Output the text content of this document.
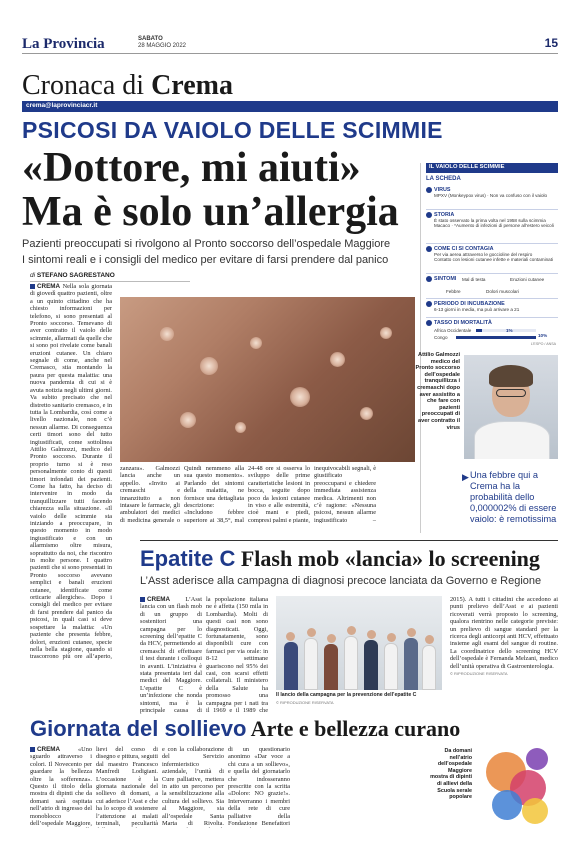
La Provincia	SABATO
28 MAGGIO 2022	15
Cronaca di Crema
crema@laprovinciacr.it
PSICOSI DA VAIOLO DELLE SCIMMIE
«Dottore, mi aiuti»
Ma è solo un’allergia
Pazienti preoccupati si rivolgono al Pronto soccorso dell’ospedale Maggiore
I sintomi reali e i consigli del medico per evitare di farsi prendere dal panico
di STEFANO SAGRESTANO
CREMA Nella sola giornata di giovedì quattro pazienti, oltre a un quinto cittadino che ha chiesto informazioni per telefono, si sono presentati al Pronto soccorso. Temevano di aver contratto il vaiolo delle scimmie, allarmati da quelle che si sono poi rivelate come banali eruzioni cutanee. Un chiaro segnale di come, anche nel Cremasco, stia montando la paura per questa malattia: una nuova pandemia di cui si è avuta notizia negli ultimi giorni. Va subito precisato che nel distretto sanitario cremasco, e in tutta la Lombardia, così come a livello nazionale, non c’è nessun allarme. Di conseguenza certi timori sono del tutto ingiustificati, come sottolinea Attilio Galmozzi, medico del Pronto soccorso. Durante il proprio turno si è reso personalmente conto di questi timori infondati dei pazienti. Come ha fatto, ha deciso di intervenire in modo da tranquillizzare tutti facendo chiarezza sulla situazione. «Il vaiolo delle scimmie sta iniziando a preoccupare, in questo momento in modo ingiustificato e con un allarmismo oltre misura, soprattutto da noi, che riscontro in molte persone. I quattro pazienti che si sono presentati in Pronto soccorso avevano semplici e banali eruzioni cutanee, identificate come orticarie allergiche». Dopo i consigli del medico per evitare di farsi prendere dal panico da psicosi, in quali casi si deve sospettare la malattia: «Un paziente che presenta febbre, dolori, eruzioni cutanee, specie nella bella stagione, quando si trascorrono più ore all’aperto,
zanzara». Galmozzi lancia anche un appello. «Invito ai cremaschi e innanzitutto a non intasare le farmacie, gli ambulatori dei medici di medicina generale o
Quindi nemmeno alla sua questo momento». Parlando dei sintomi della malattia, ne fornisce una dettagliata descrizione: «Includono febbre superiore ai 38,5°, mal
24-48 ore si osserva lo sviluppo delle prime caratteristiche lesioni in bocca, seguite dopo poco da lesioni cutanee in viso e alle estremità, cioè mani e piedi, compresi palmi e piante,
inequivocabili segnali, è giustificato preoccuparsi e chiedere immediata assistenza medica. Altrimenti non c’è ragione: «Nessuna psicosi, nessun allarme ingiustificato –

IL VAIOLO DELLE SCIMMIE
LA SCHEDA
VIRUS
MPXV (Monkeypox virus) · Non va confuso con il vaiolo
STORIA
È stato osservato la prima volta nel 1958 sulla scimmia Macaco · *Aumento di infezioni di persone all’estero veicoli
COME CI SI CONTAGIA
Per via aerea attraverso le goccioline del respiro
Contatto con lesioni cutanee infette e materiali contaminati
SINTOMI Mal di testa	Eruzioni cutanee
Febbre	Dolori muscolari
PERIODO DI INCUBAZIONE
6-13 giorni in media, ma può arrivare a 21
TASSO DI MORTALITÀ
Africa Occidentale	1%
Congo	10%
L’ESPO / ANSA
Attilio Galmozzi medico del Pronto soccorso dell’ospedale tranquillizza i cremaschi dopo aver assistito a che fare con pazienti preoccupati di aver contratto il virus
▶ Una febbre qui a Crema ha la probabilità dello 0,000002% di essere vaiolo: è remotissima
Epatite C Flash mob «lancia» lo screening
L’Asst aderisce alla campagna di diagnosi precoce lanciata da Governo e Regione
CREMA L’Asst lancia con un flash mob di un gruppo di sostenitori una campagna per lo screening dell’epatite C da HCV, permettendo ai cremaschi di effettuare il test durante i colloqui in avanti. L’iniziativa è stata presentata ieri dal medici del Maggiore. L’epatite C è un’infezione che nonda sintomi, ma è la principale causa di
la popolazione italiana ne è affetta (150 mila in Lombardia). Molti di questi casi non sono diagnosticati. Oggi, fortunatamente, sono disponibili cure con farmaci per via orale: in 8-12 settimane guariscono nel 95% dei casi, con scarsi effetti collaterali. Il ministero della Salute ha promosso una campagna per i nati tra il 1969 e il 1989 che
Il lancio della campagna per la prevenzione dell’epatite C
© RIPRODUZIONE RISERVATA
2015). A tutti i cittadini che accedono ai punti prelievo dell’Asst e ai pazienti ricoverati verrà proposto lo screening, qualora rientrino nelle categorie previste: un prelievo di sangue standard per la ricerca degli anticorpi anti HCV, effettuato insieme agli esami del sangue di routine. La coordinatrice dello screening HCV dell’ospedale è Fernanda Melzani, medico dell’unità operativa di Gastroenterologia.
© RIPRODUZIONE RISERVATA
Giornata del sollievo Arte e bellezza curano
CREMA	«Uno sguardo attraverso i colori. Il Novecento per guardare la bellezza oltre la sofferenza». Questo il titolo della mostra di dipinti che da domani sarà ospitata nell’atrio di ingresso del monoblocco dell’ospedale Maggiore,
lievi del corso di disegno e pittura, seguiti dal maestro Francesco Manfredi Lodigiani. L’occasione è la giornata nazionale del sollievo di domani, a cui aderisce l’Asst e che ha lo scopo di sostenere l’attenzione ai malati terminali, peculiarità
e con la collaborazione del Servizio infermieristico aziendale, l’unità di Cure palliative, mettera in atto un percorso per la sensibilizzazione alla cultura del sollievo. Sia al Maggiore, sia all’ospedale Santa Marta di Rivolta.
di un questionario anonimo «Dar voce a chi cura a un sollievo», e quella del giornatarlo che indosseranno prescritte con la scritta «Dolore: NO grazie!». Interverranno i membri della rete di cure palliative della Fondazione Benefattori
Da domani nell’atrio dell’ospedale Maggiore mostra di dipinti di allievi della Scuola serale popolare
